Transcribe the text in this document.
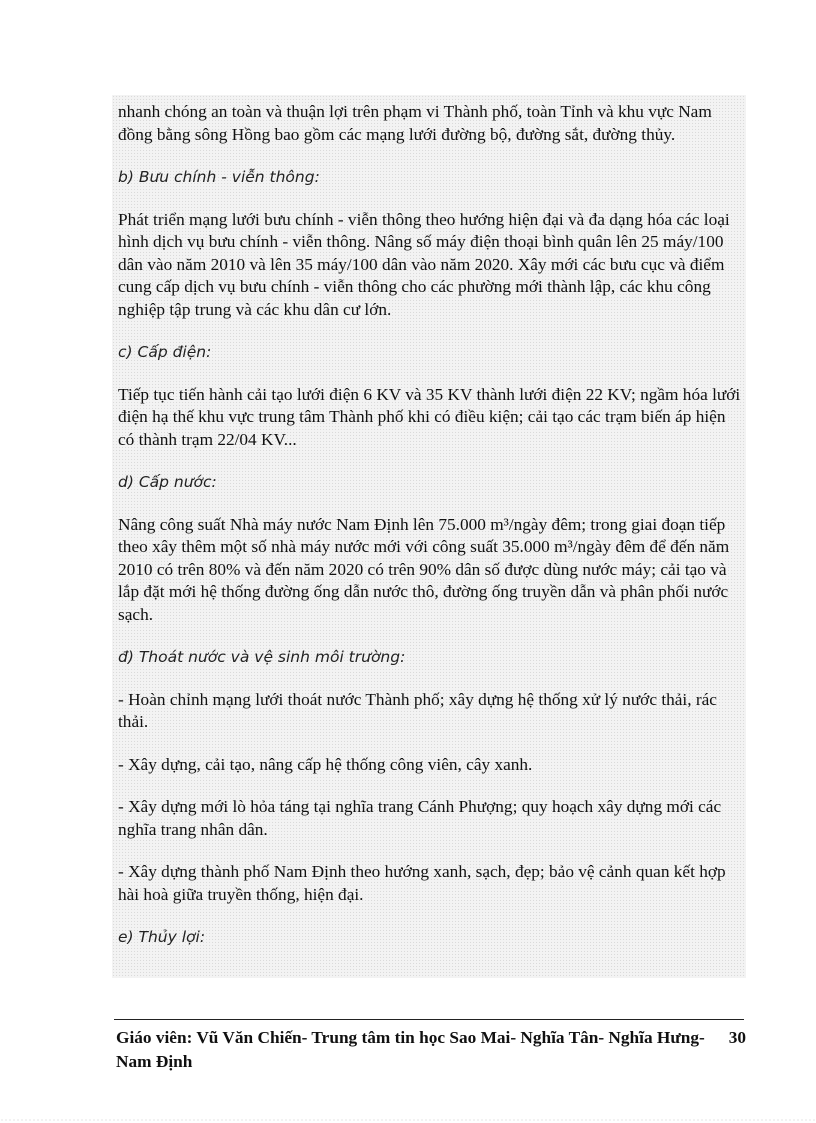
nhanh chóng an toàn và thuận lợi trên phạm vi Thành phố, toàn Tỉnh và khu vực Nam đồng bằng sông Hồng bao gồm các mạng lưới đường bộ, đường sắt, đường thủy.

b) Bưu chính - viễn thông:

Phát triển mạng lưới bưu chính - viễn thông theo hướng hiện đại và đa dạng hóa các loại hình dịch vụ bưu chính - viễn thông. Nâng số máy điện thoại bình quân lên 25 máy/100 dân vào năm 2010 và lên 35 máy/100 dân vào năm 2020. Xây mới các bưu cục và điểm cung cấp dịch vụ bưu chính - viễn thông cho các phường mới thành lập, các khu công nghiệp tập trung và các khu dân cư lớn.

c) Cấp điện:

Tiếp tục tiến hành cải tạo lưới điện 6 KV và 35 KV thành lưới điện 22 KV; ngầm hóa lưới điện hạ thế khu vực trung tâm Thành phố khi có điều kiện; cải tạo các trạm biến áp hiện có thành trạm 22/04 KV...

d) Cấp nước:

Nâng công suất Nhà máy nước Nam Định lên 75.000 m³/ngày đêm; trong giai đoạn tiếp theo xây thêm một số nhà máy nước mới với công suất 35.000 m³/ngày đêm để đến năm 2010 có trên 80% và đến năm 2020 có trên 90% dân số được dùng nước máy; cải tạo và lắp đặt mới hệ thống đường ống dẫn nước thô, đường ống truyền dẫn và phân phối nước sạch.

đ) Thoát nước và vệ sinh môi trường:

- Hoàn chỉnh mạng lưới thoát nước Thành phố; xây dựng hệ thống xử lý nước thải, rác thải.

- Xây dựng, cải tạo, nâng cấp hệ thống công viên, cây xanh.

- Xây dựng mới lò hỏa táng tại nghĩa trang Cánh Phượng; quy hoạch xây dựng mới các nghĩa trang nhân dân.

- Xây dựng thành phố Nam Định theo hướng xanh, sạch, đẹp; bảo vệ cảnh quan kết hợp hài hoà giữa truyền thống, hiện đại.

e) Thủy lợi:

Giáo viên: Vũ Văn Chiến- Trung tâm tin học Sao Mai- Nghĩa Tân- Nghĩa Hưng- Nam Định
30
